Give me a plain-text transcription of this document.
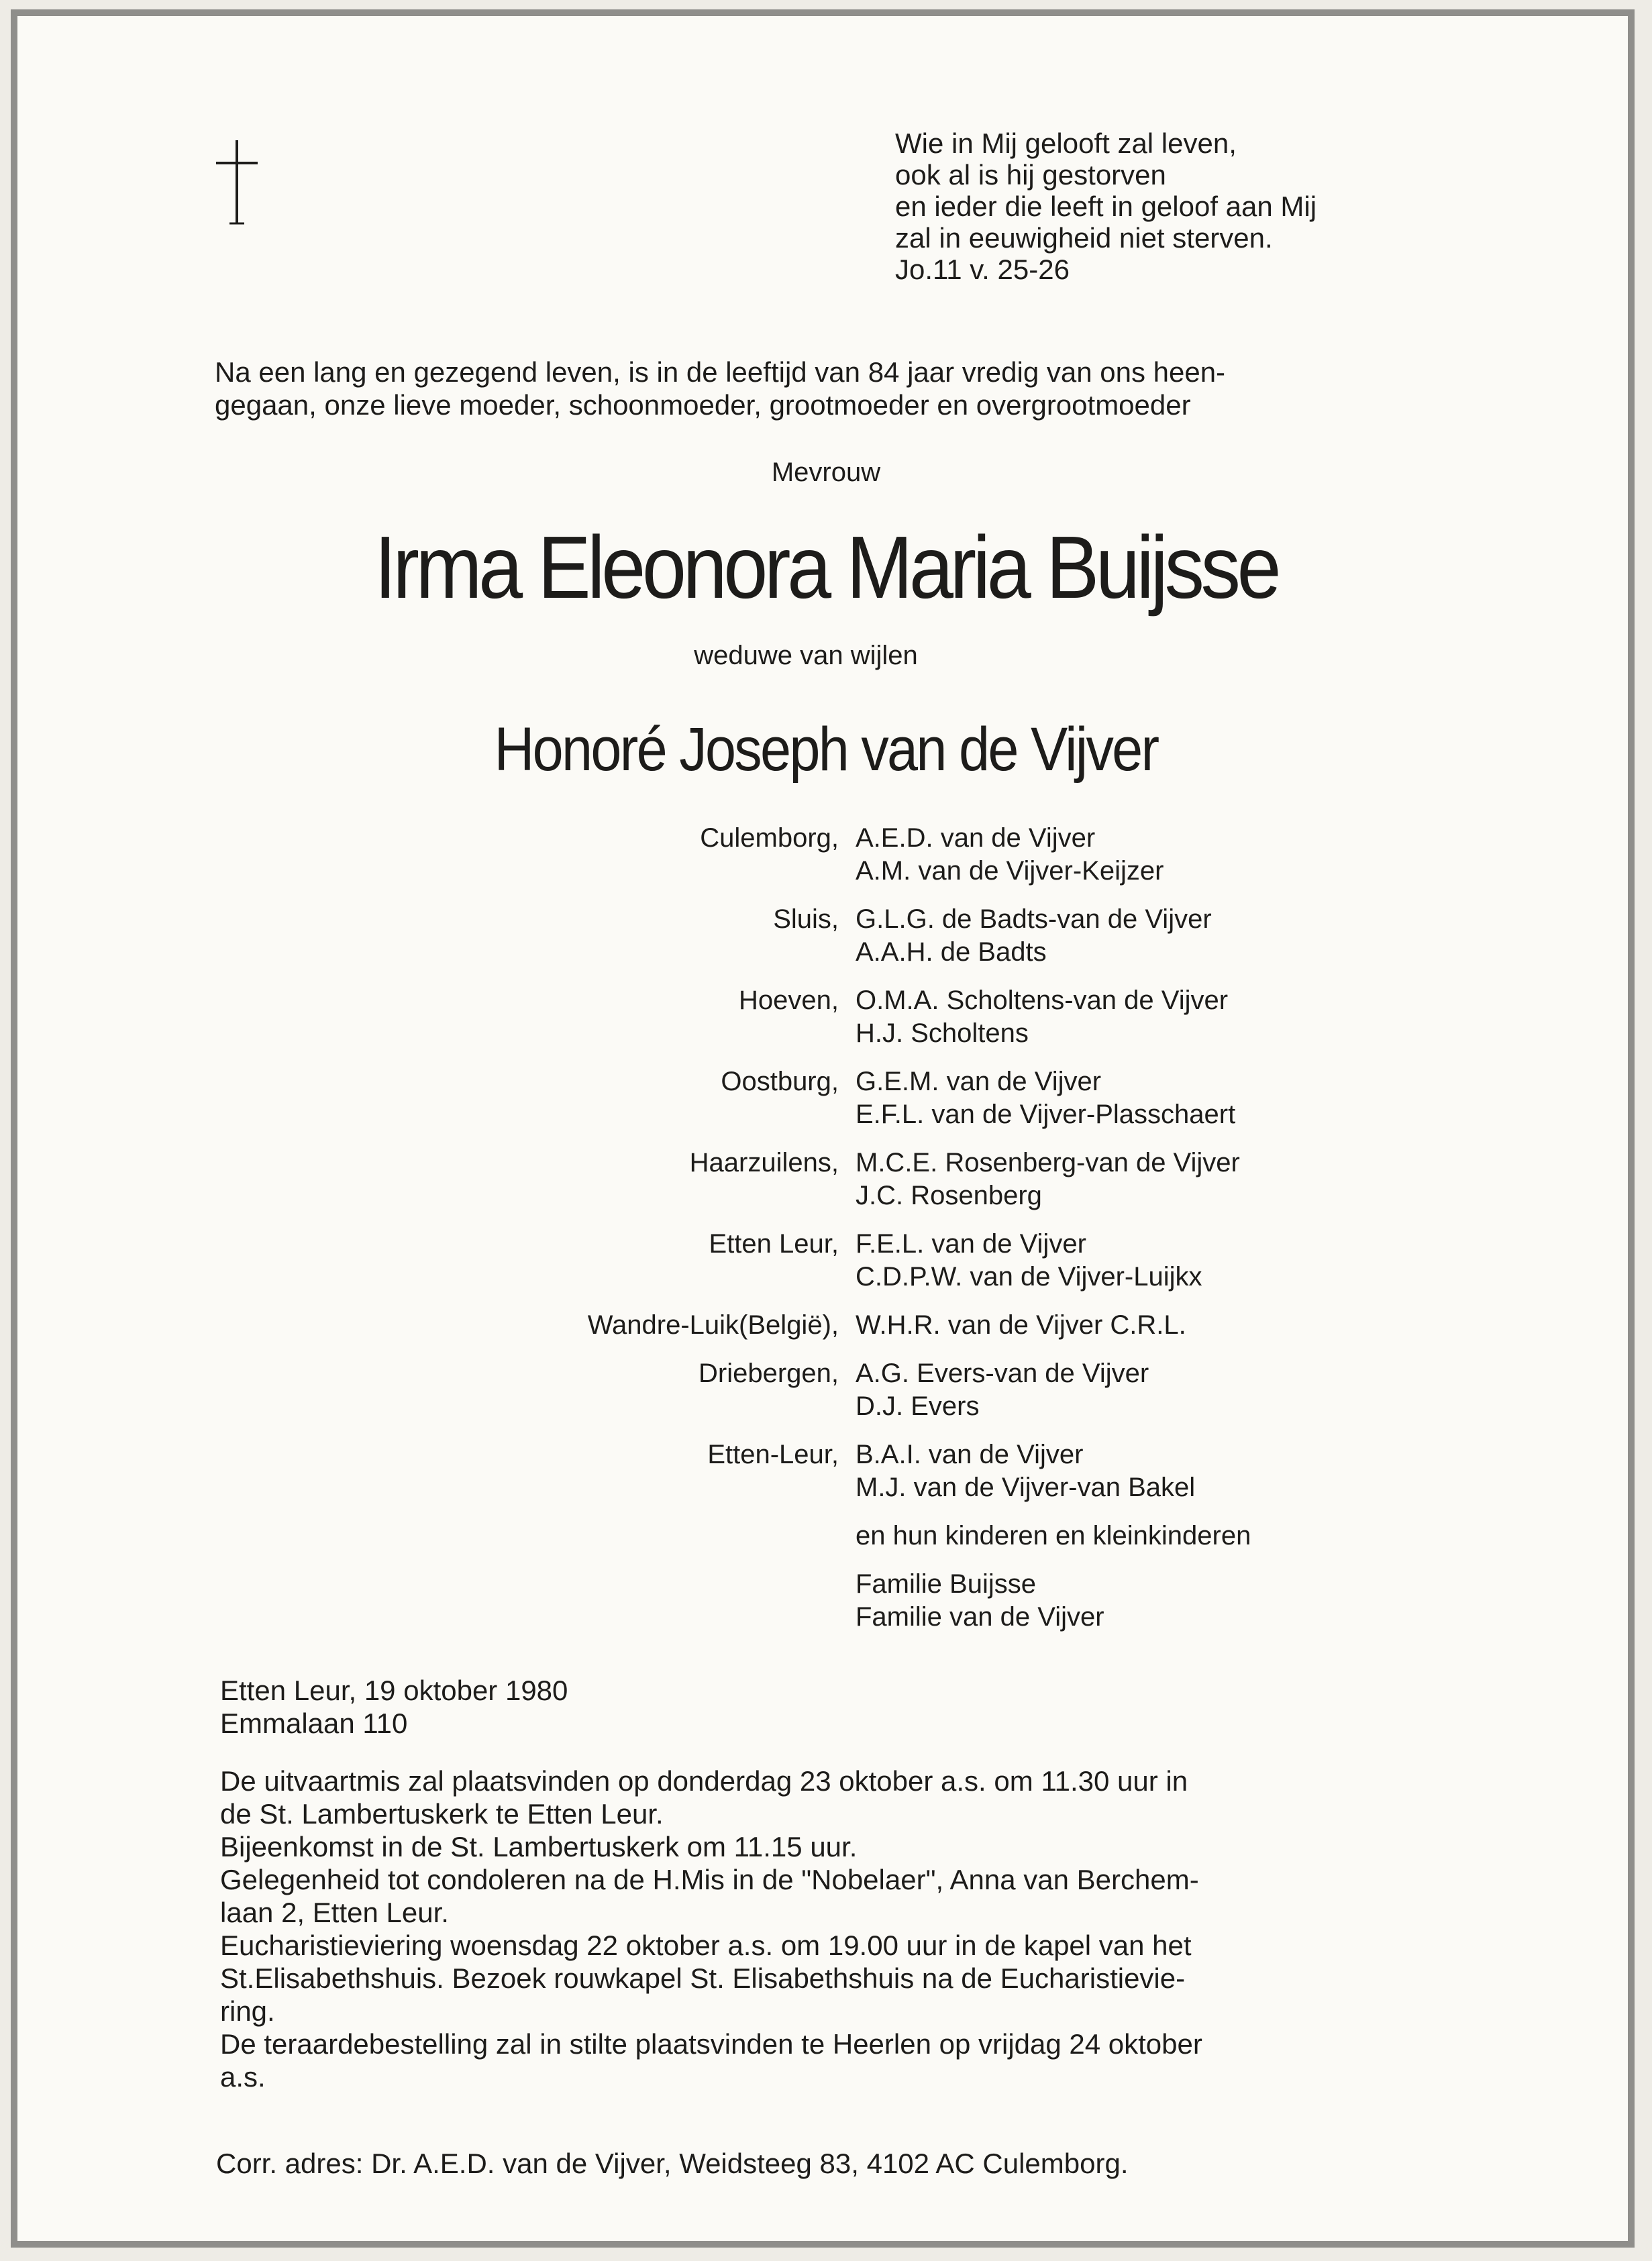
Wie in Mij gelooft zal leven,
ook al is hij gestorven
en ieder die leeft in geloof aan Mij
zal in eeuwigheid niet sterven.
Jo.11 v. 25-26
Na een lang en gezegend leven, is in de leeftijd van 84 jaar vredig van ons heen-
gegaan, onze lieve moeder, schoonmoeder, grootmoeder en overgrootmoeder
Mevrouw
Irma Eleonora Maria Buijsse
weduwe van wijlen
Honoré Joseph van de Vijver
Culemborg, A.E.D. van de Vijver
A.M. van de Vijver-Keijzer
Sluis, G.L.G. de Badts-van de Vijver
A.A.H. de Badts
Hoeven, O.M.A. Scholtens-van de Vijver
H.J. Scholtens
Oostburg, G.E.M. van de Vijver
E.F.L. van de Vijver-Plasschaert
Haarzuilens, M.C.E. Rosenberg-van de Vijver
J.C. Rosenberg
Etten Leur, F.E.L. van de Vijver
C.D.P.W. van de Vijver-Luijkx
Wandre-Luik(België), W.H.R. van de Vijver C.R.L.
Driebergen, A.G. Evers-van de Vijver
D.J. Evers
Etten-Leur, B.A.I. van de Vijver
M.J. van de Vijver-van Bakel
en hun kinderen en kleinkinderen
Familie Buijsse
Familie van de Vijver
Etten Leur, 19 oktober 1980
Emmalaan 110
De uitvaartmis zal plaatsvinden op donderdag 23 oktober a.s. om 11.30 uur in
de St. Lambertuskerk te Etten Leur.
Bijeenkomst in de St. Lambertuskerk om 11.15 uur.
Gelegenheid tot condoleren na de H.Mis in de "Nobelaer", Anna van Berchem-
laan 2, Etten Leur.
Eucharistieviering woensdag 22 oktober a.s. om 19.00 uur in de kapel van het
St.Elisabethshuis. Bezoek rouwkapel St. Elisabethshuis na de Eucharistievie-
ring.
De teraardebestelling zal in stilte plaatsvinden te Heerlen op vrijdag 24 oktober
a.s.
Corr. adres: Dr. A.E.D. van de Vijver, Weidsteeg 83, 4102 AC Culemborg.
